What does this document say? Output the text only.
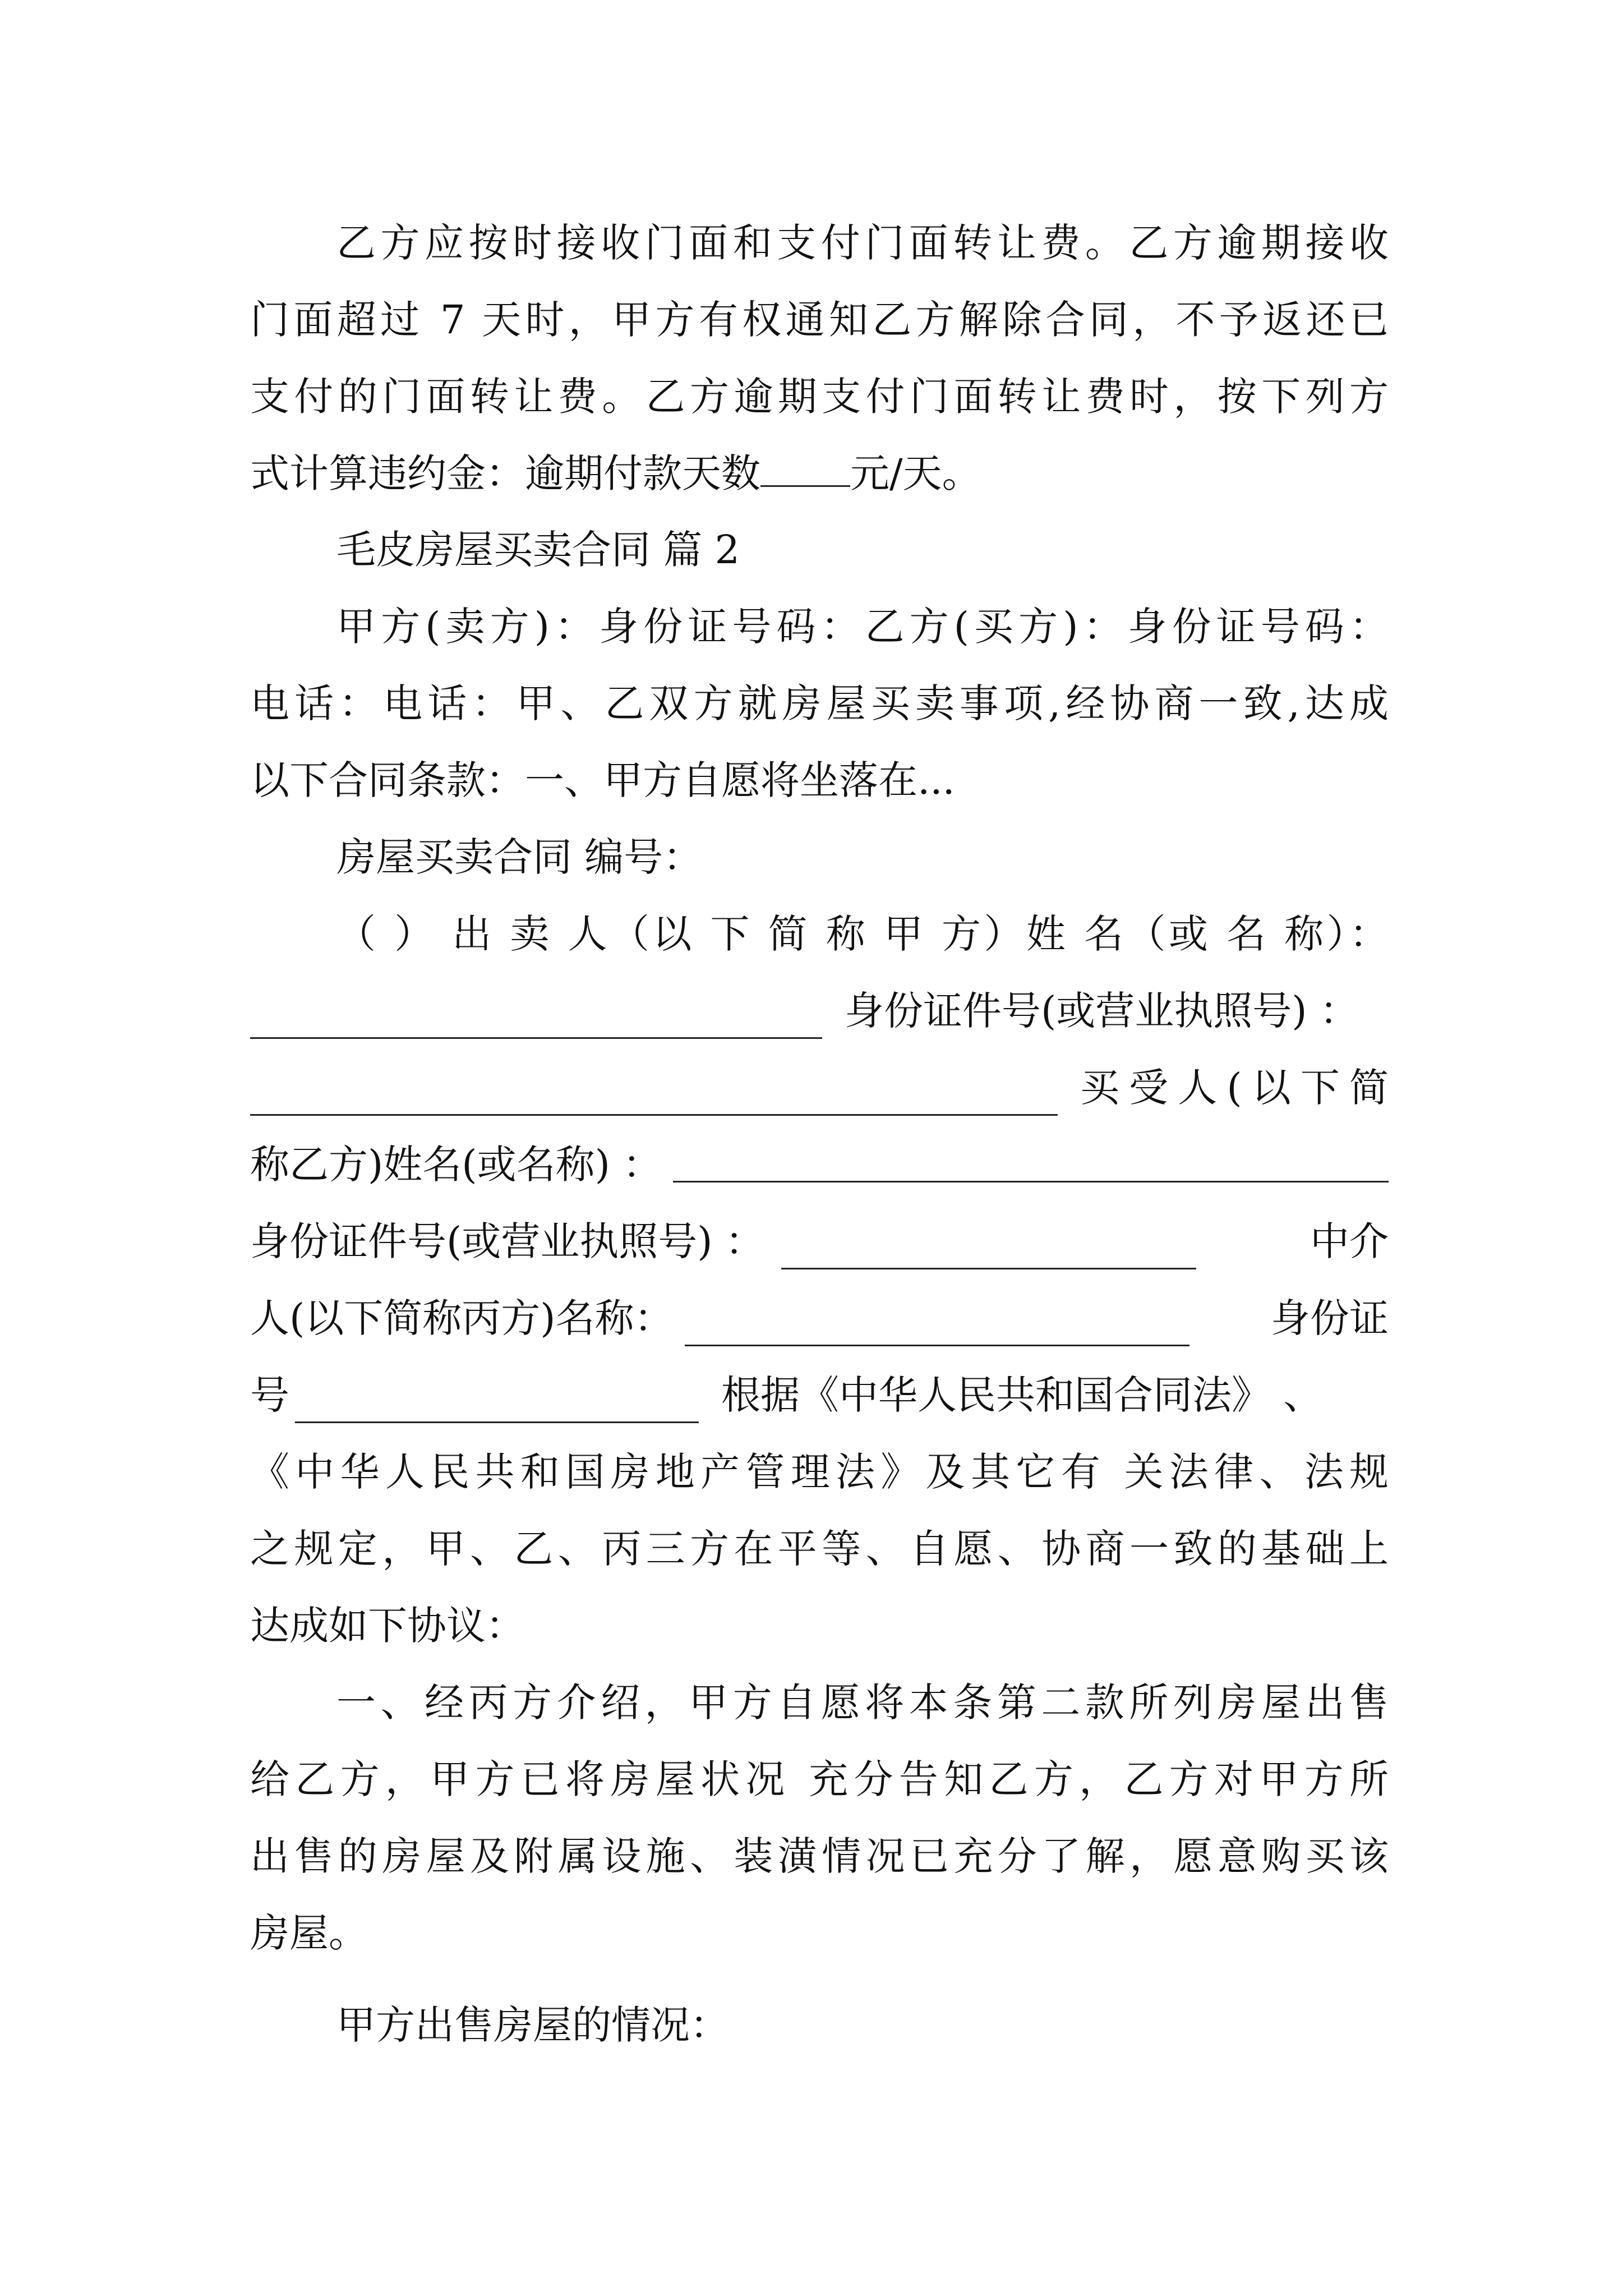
乙方应按时接收门面和支付门面转让费。乙方逾期接收
门面超过 7 天时，甲方有权通知乙方解除合同，不予返还已
支付的门面转让费。乙方逾期支付门面转让费时，按下列方
式计算违约金：逾期付款天数 元/天。
毛皮房屋买卖合同 篇 2
甲方(卖方)：身份证号码：乙方(买方)：身份证号码：
电话：电话：甲、乙双方就房屋买卖事项,经协商一致,达成
以下合同条款：一、甲方自愿将坐落在...
房屋买卖合同 编号：
（ ） 出 卖 人（以 下 简 称 甲 方）姓 名（或 名 称）：
身份证件号(或营业执照号) ：
买受人(以下简
称乙方)姓名(或名称) ：
身份证件号(或营业执照号) ：	中介
人(以下简称丙方)名称：	身份证
号	根据《中华人民共和国合同法》 、
《中华人民共和国房地产管理法》及其它有 关法律、法规
之规定，甲、乙、丙三方在平等、自愿、协商一致的基础上
达成如下协议：
一、经丙方介绍，甲方自愿将本条第二款所列房屋出售
给乙方，甲方已将房屋状况 充分告知乙方，乙方对甲方所
出售的房屋及附属设施、装潢情况已充分了解，愿意购买该
房屋。
甲方出售房屋的情况：
